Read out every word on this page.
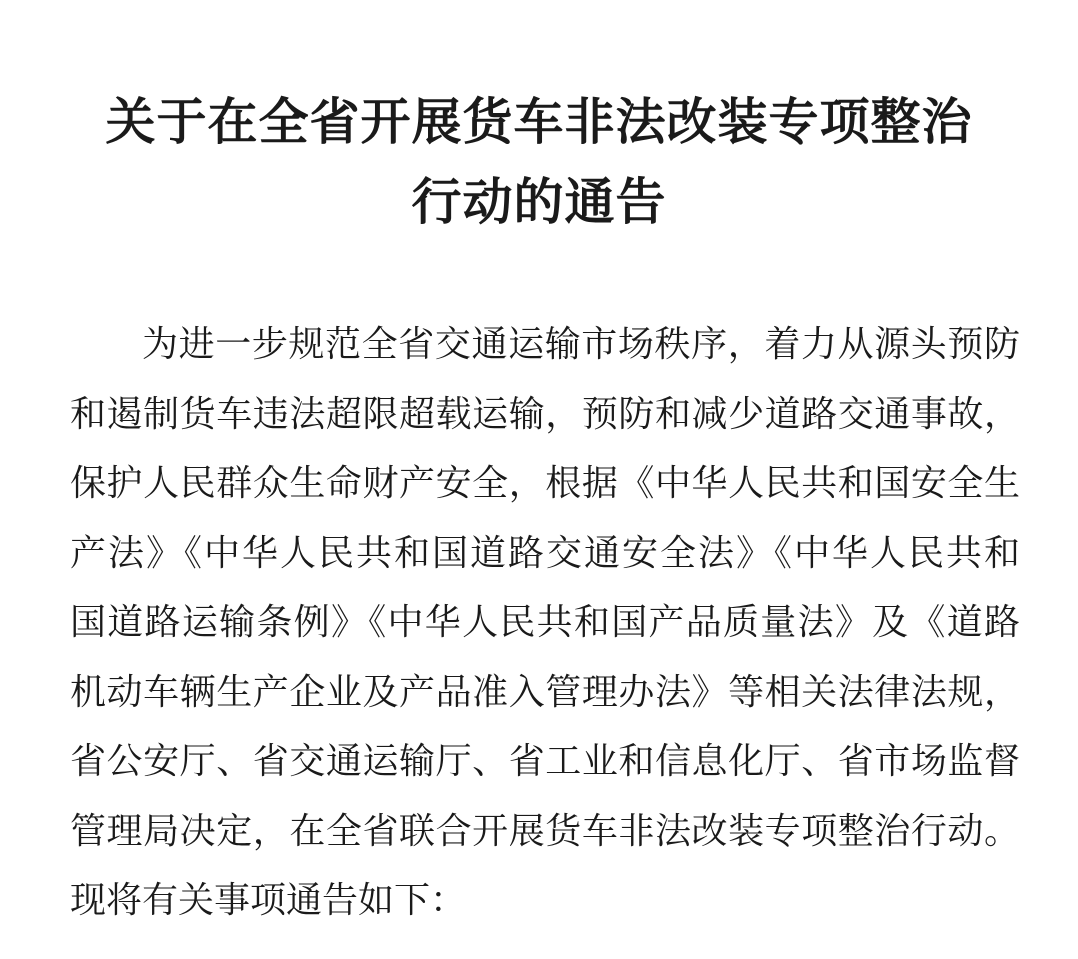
关于在全省开展货车非法改装专项整治
行动的通告
为进一步规范全省交通运输市场秩序，着力从源头预防
和遏制货车违法超限超载运输，预防和减少道路交通事故，
保护人民群众生命财产安全，根据《中华人民共和国安全生
产法》《中华人民共和国道路交通安全法》《中华人民共和
国道路运输条例》《中华人民共和国产品质量法》及《道路
机动车辆生产企业及产品准入管理办法》等相关法律法规，
省公安厅、省交通运输厅、省工业和信息化厅、省市场监督
管理局决定，在全省联合开展货车非法改装专项整治行动。
现将有关事项通告如下：
